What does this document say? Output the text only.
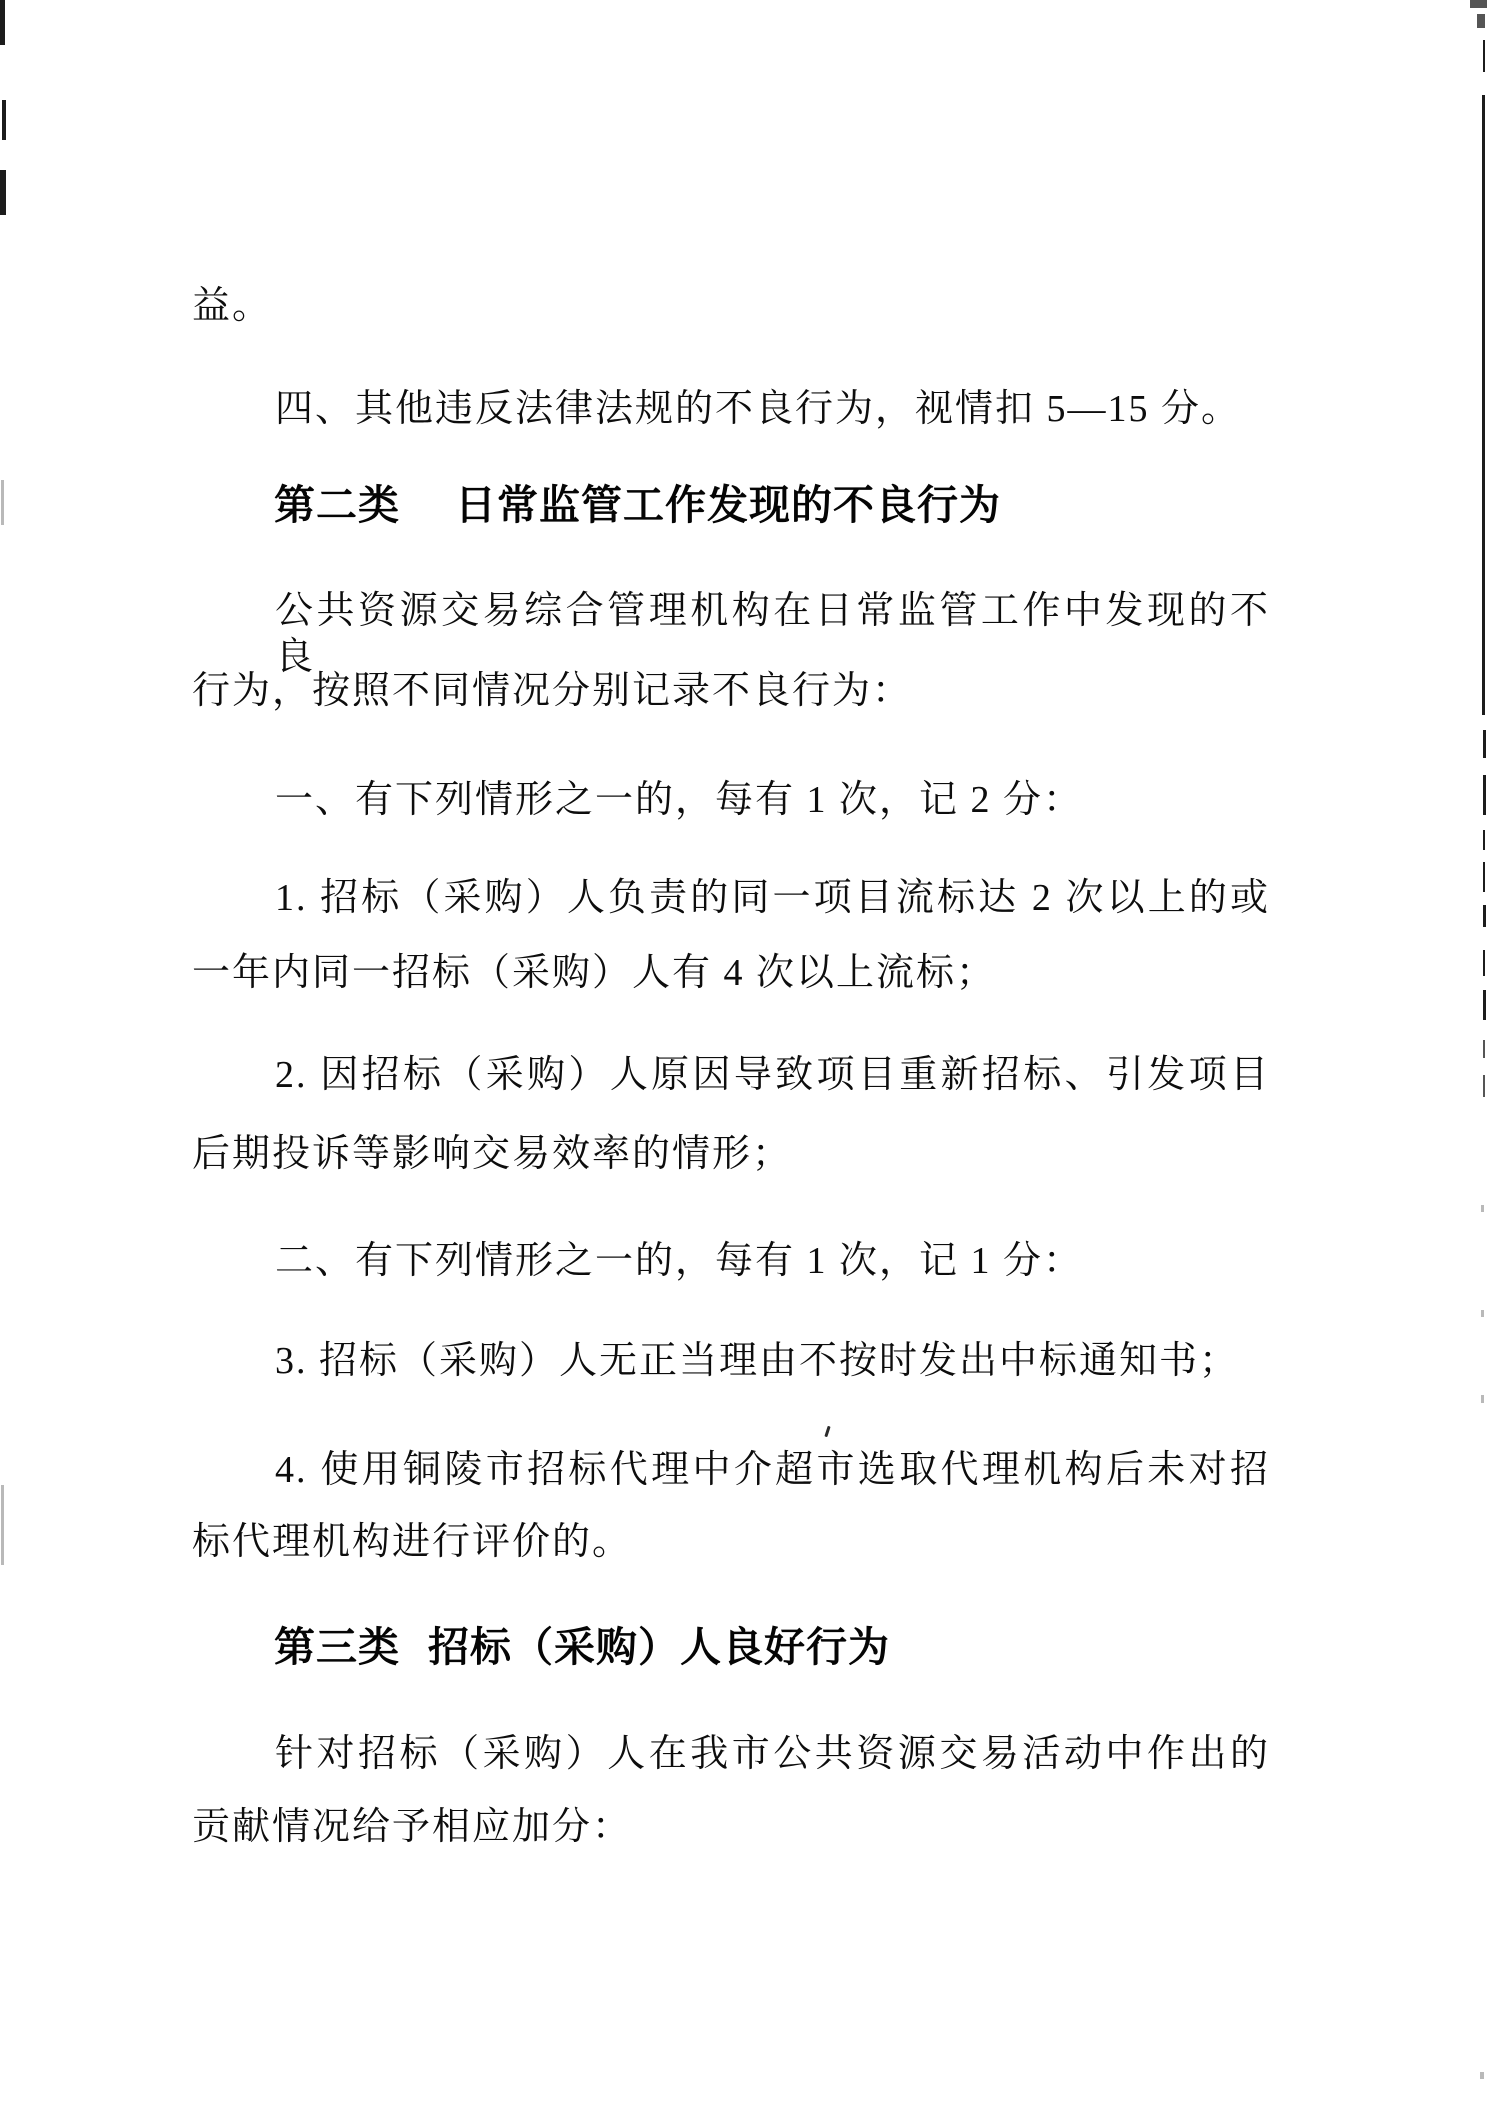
益。
四、其他违反法律法规的不良行为，视情扣 5—15 分。
第二类 日常监管工作发现的不良行为
公共资源交易综合管理机构在日常监管工作中发现的不良
行为，按照不同情况分别记录不良行为：
一、有下列情形之一的，每有 1 次，记 2 分：
1. 招标（采购）人负责的同一项目流标达 2 次以上的或
一年内同一招标（采购）人有 4 次以上流标；
2. 因招标（采购）人原因导致项目重新招标、引发项目
后期投诉等影响交易效率的情形；
二、有下列情形之一的，每有 1 次，记 1 分：
3. 招标（采购）人无正当理由不按时发出中标通知书；
4. 使用铜陵市招标代理中介超市选取代理机构后未对招
标代理机构进行评价的。
第三类 招标（采购）人良好行为
针对招标（采购）人在我市公共资源交易活动中作出的
贡献情况给予相应加分：
